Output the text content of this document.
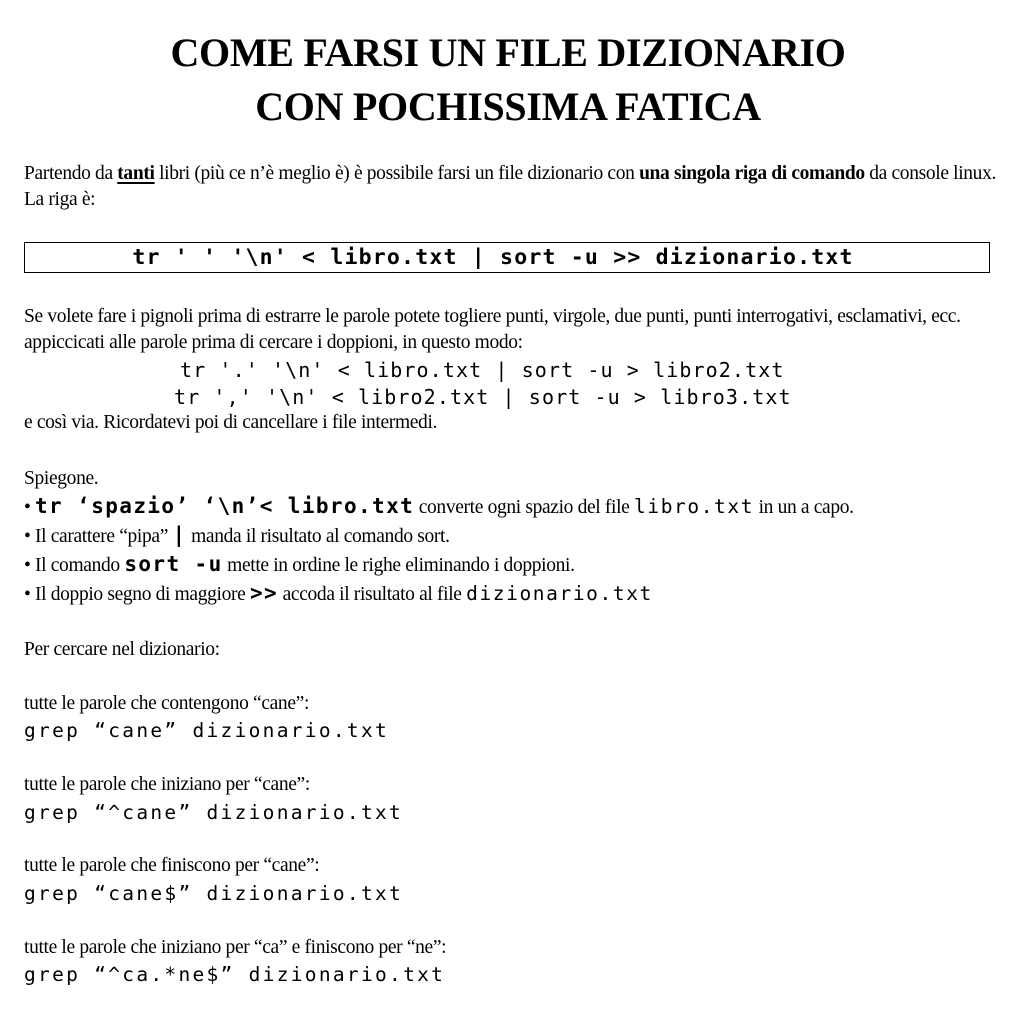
COME FARSI UN FILE DIZIONARIO
CON POCHISSIMA FATICA
Partendo da tanti libri (più ce n’è meglio è) è possibile farsi un file dizionario con una singola riga di comando da console linux. La riga è:
tr ' ' '\n' < libro.txt | sort -u >> dizionario.txt
Se volete fare i pignoli prima di estrarre le parole potete togliere punti, virgole, due punti, punti interrogativi, esclamativi, ecc. appiccicati alle parole prima di cercare i doppioni, in questo modo:
tr '.' '\n' < libro.txt | sort -u > libro2.txt
tr ',' '\n' < libro2.txt | sort -u > libro3.txt
e così via. Ricordatevi poi di cancellare i file intermedi.
Spiegone.
• tr ‘spazio’ ‘\n’< libro.txt converte ogni spazio del file libro.txt in un a capo.
• Il carattere “pipa” | manda il risultato al comando sort.
• Il comando sort -u mette in ordine le righe eliminando i doppioni.
• Il doppio segno di maggiore >> accoda il risultato al file dizionario.txt
Per cercare nel dizionario:
tutte le parole che contengono “cane”:
grep “cane” dizionario.txt
tutte le parole che iniziano per “cane”:
grep “^cane” dizionario.txt
tutte le parole che finiscono per “cane”:
grep “cane$” dizionario.txt
tutte le parole che iniziano per “ca” e finiscono per “ne”:
grep “^ca.*ne$” dizionario.txt
